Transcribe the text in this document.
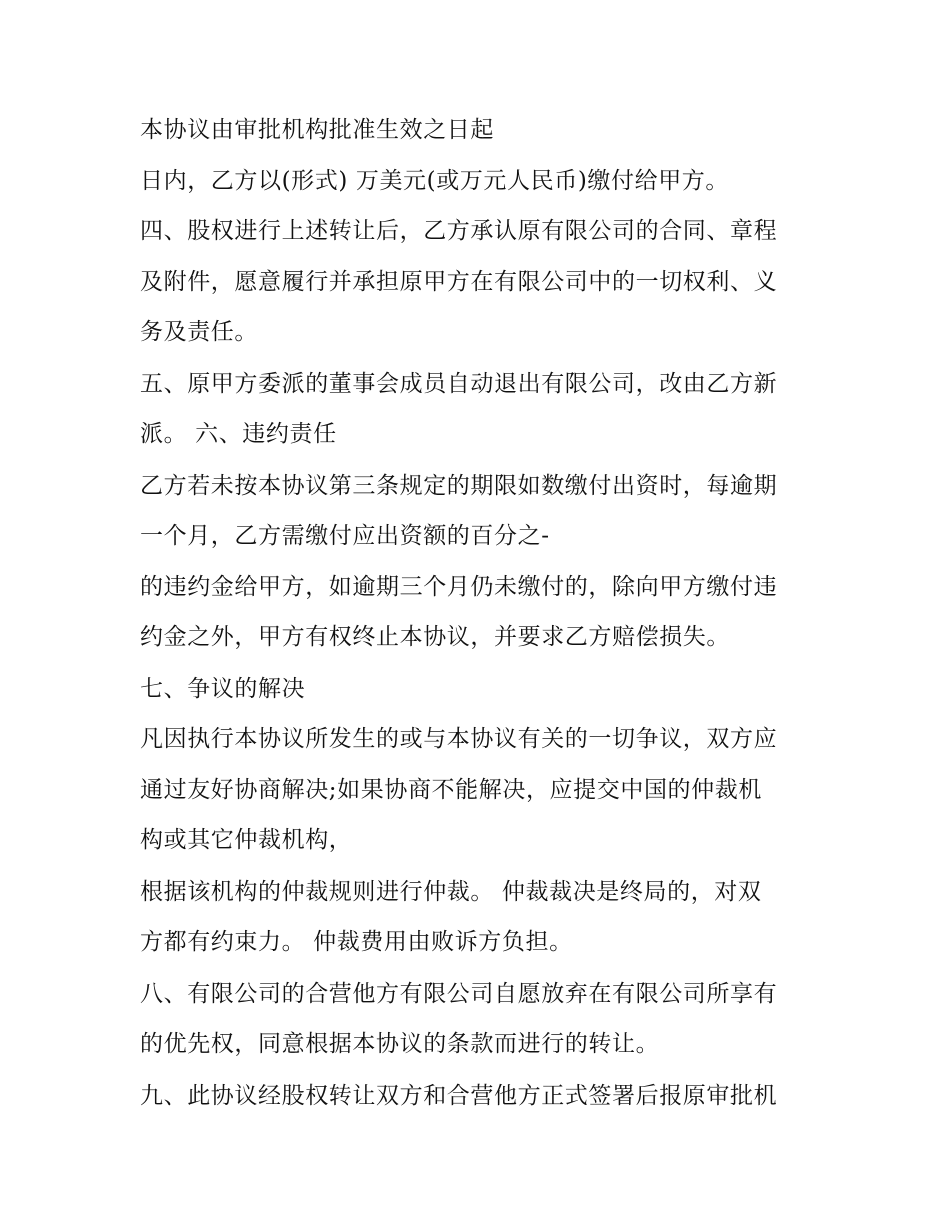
本协议由审批机构批准生效之日起
日内，乙方以(形式) 万美元(或万元人民币)缴付给甲方。
四、股权进行上述转让后，乙方承认原有限公司的合同、章程
及附件，愿意履行并承担原甲方在有限公司中的一切权利、义
务及责任。
五、原甲方委派的董事会成员自动退出有限公司，改由乙方新
派。 六、违约责任
乙方若未按本协议第三条规定的期限如数缴付出资时，每逾期
一个月，乙方需缴付应出资额的百分之-
的违约金给甲方，如逾期三个月仍未缴付的，除向甲方缴付违
约金之外，甲方有权终止本协议，并要求乙方赔偿损失。
七、争议的解决
凡因执行本协议所发生的或与本协议有关的一切争议，双方应
通过友好协商解决;如果协商不能解决，应提交中国的仲裁机
构或其它仲裁机构，
根据该机构的仲裁规则进行仲裁。 仲裁裁决是终局的，对双
方都有约束力。 仲裁费用由败诉方负担。
八、有限公司的合营他方有限公司自愿放弃在有限公司所享有
的优先权，同意根据本协议的条款而进行的转让。
九、此协议经股权转让双方和合营他方正式签署后报原审批机
